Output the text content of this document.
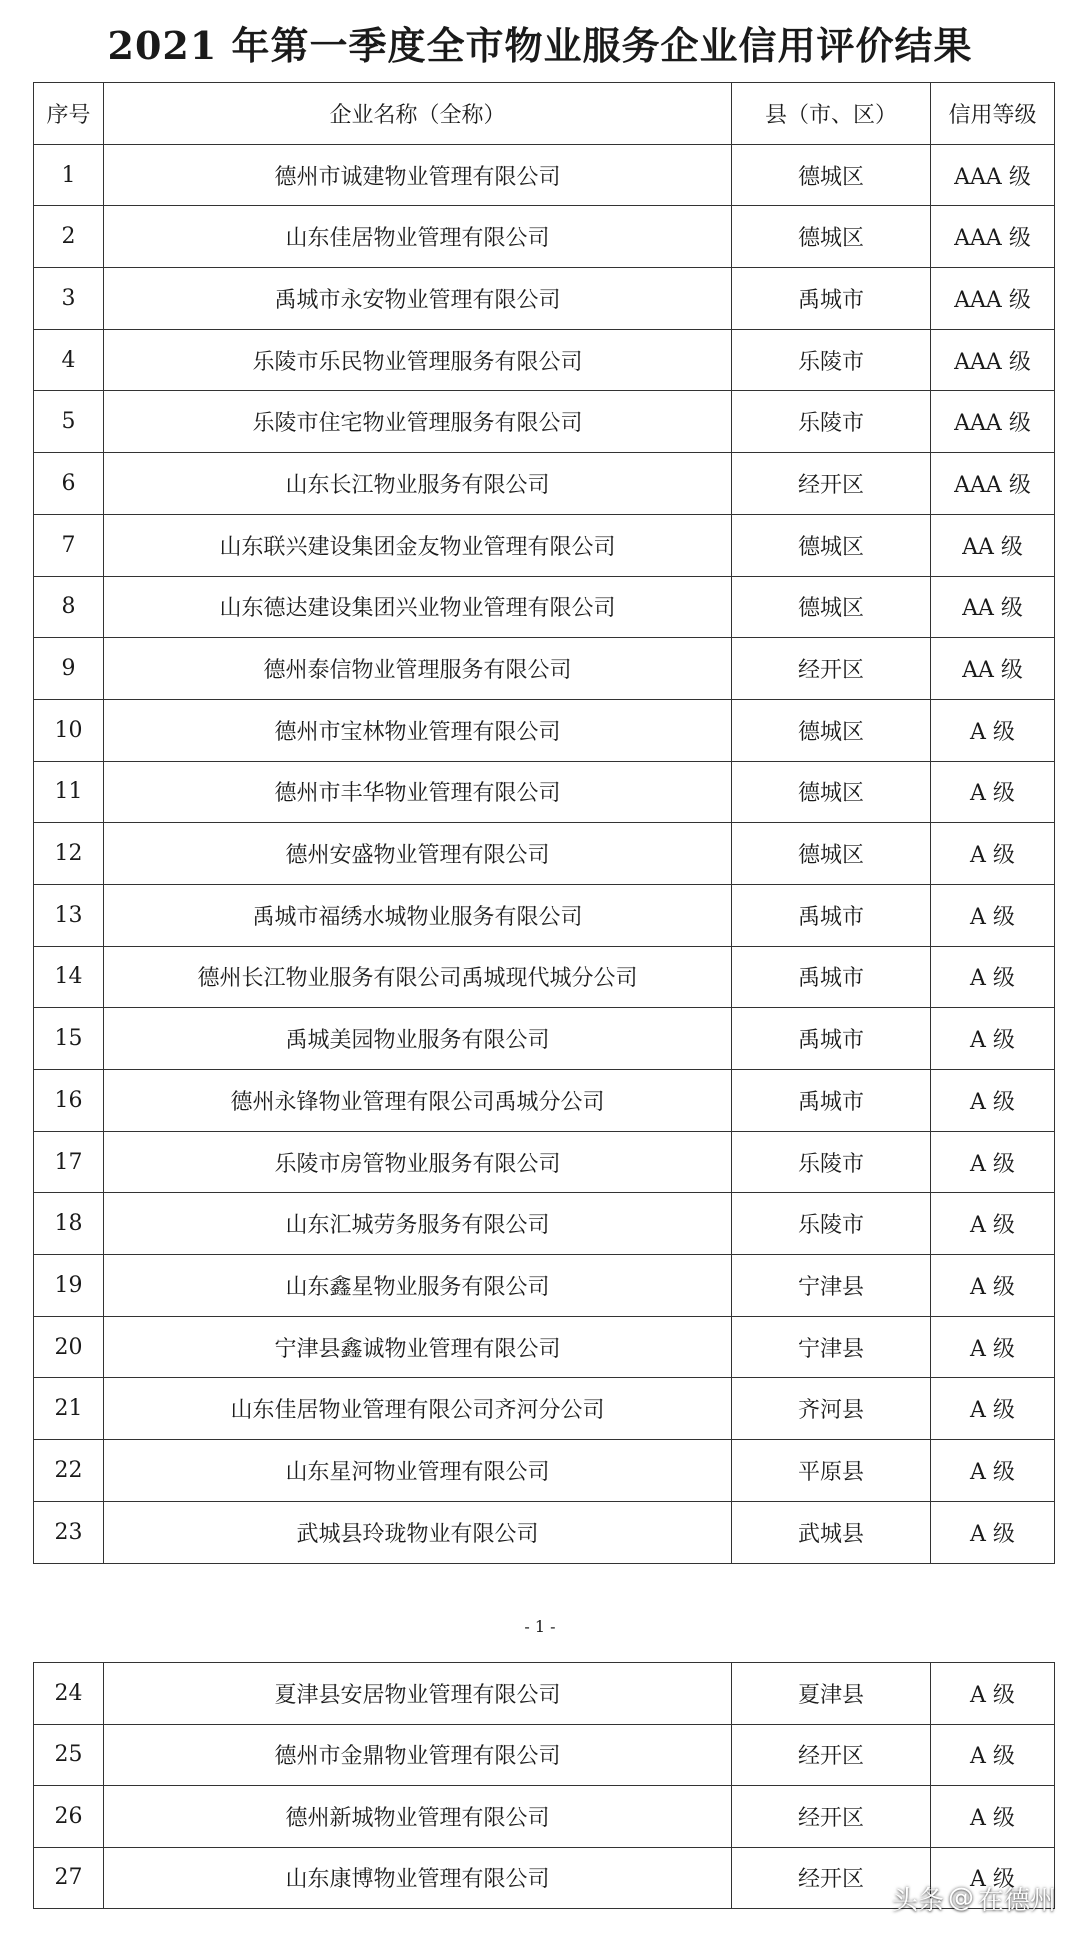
2021 年第一季度全市物业服务企业信用评价结果
序号	企业名称（全称）	县（市、区）	信用等级
1	德州市诚建物业管理有限公司	德城区	AAA 级
2	山东佳居物业管理有限公司	德城区	AAA 级
3	禹城市永安物业管理有限公司	禹城市	AAA 级
4	乐陵市乐民物业管理服务有限公司	乐陵市	AAA 级
5	乐陵市住宅物业管理服务有限公司	乐陵市	AAA 级
6	山东长江物业服务有限公司	经开区	AAA 级
7	山东联兴建设集团金友物业管理有限公司	德城区	AA 级
8	山东德达建设集团兴业物业管理有限公司	德城区	AA 级
9	德州泰信物业管理服务有限公司	经开区	AA 级
10	德州市宝林物业管理有限公司	德城区	A 级
11	德州市丰华物业管理有限公司	德城区	A 级
12	德州安盛物业管理有限公司	德城区	A 级
13	禹城市福绣水城物业服务有限公司	禹城市	A 级
14	德州长江物业服务有限公司禹城现代城分公司	禹城市	A 级
15	禹城美园物业服务有限公司	禹城市	A 级
16	德州永锋物业管理有限公司禹城分公司	禹城市	A 级
17	乐陵市房管物业服务有限公司	乐陵市	A 级
18	山东汇城劳务服务有限公司	乐陵市	A 级
19	山东鑫星物业服务有限公司	宁津县	A 级
20	宁津县鑫诚物业管理有限公司	宁津县	A 级
21	山东佳居物业管理有限公司齐河分公司	齐河县	A 级
22	山东星河物业管理有限公司	平原县	A 级
23	武城县玲珑物业有限公司	武城县	A 级
- 1 -
24	夏津县安居物业管理有限公司	夏津县	A 级
25	德州市金鼎物业管理有限公司	经开区	A 级
26	德州新城物业管理有限公司	经开区	A 级
27	山东康博物业管理有限公司	经开区	A 级
头条 @ 在德州
